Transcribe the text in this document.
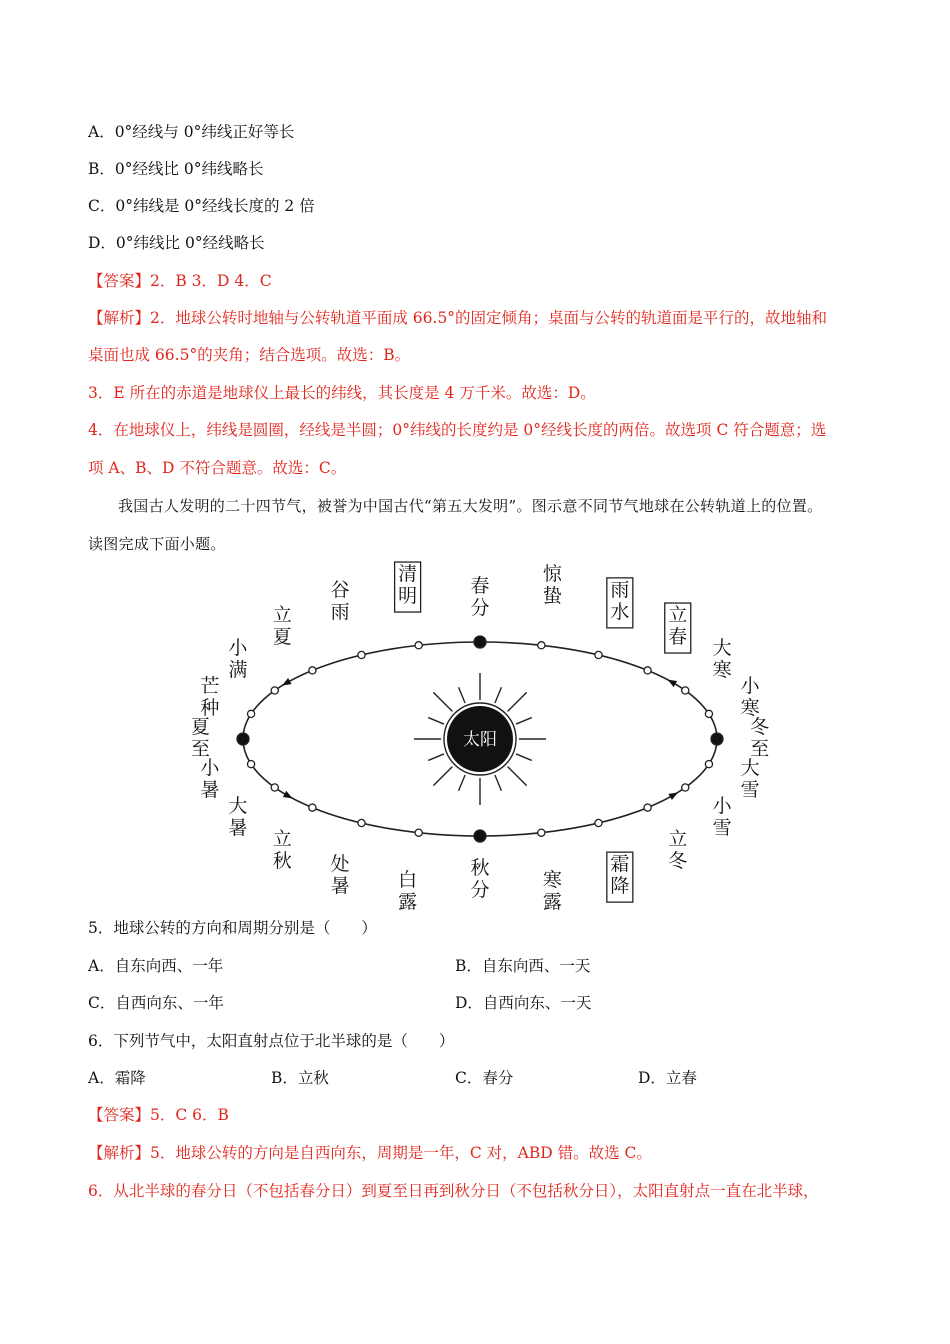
A．0°经线与 0°纬线正好等长
B．0°经线比 0°纬线略长
C．0°纬线是 0°经线长度的 2 倍
D．0°纬线比 0°经线略长
【答案】2．B 3．D 4．C
【解析】2．地球公转时地轴与公转轨道平面成 66.5°的固定倾角；桌面与公转的轨道面是平行的，故地轴和
桌面也成 66.5°的夹角；结合选项。故选：B。
3．E 所在的赤道是地球仪上最长的纬线，其长度是 4 万千米。故选：D。
4．在地球仪上，纬线是圆圈，经线是半圆；0°纬线的长度约是 0°经线长度的两倍。故选项 C 符合题意；选
项 A、B、D 不符合题意。故选：C。
我国古人发明的二十四节气，被誉为中国古代“第五大发明”。图示意不同节气地球在公转轨道上的位置。
读图完成下面小题。
太阳
春
分
惊
蛰	雨
水 立
春 大
寒
小
寒
冬
至
大
雪
小
雪
立
冬
霜
降
寒
露
秋
分
白
露
处
暑
立
秋
大
暑
小
暑
夏
至
芒
种
小
满
立
夏
谷
雨
清
明
5．地球公转的方向和周期分别是（　　）
A．自东向西、一年	B．自东向西、一天
C．自西向东、一年	D．自西向东、一天
6．下列节气中，太阳直射点位于北半球的是（　　）
A．霜降	B．立秋	C．春分	D．立春
【答案】5．C 6．B
【解析】5．地球公转的方向是自西向东，周期是一年，C 对，ABD 错。故选 C。
6．从北半球的春分日（不包括春分日）到夏至日再到秋分日（不包括秋分日），太阳直射点一直在北半球，
